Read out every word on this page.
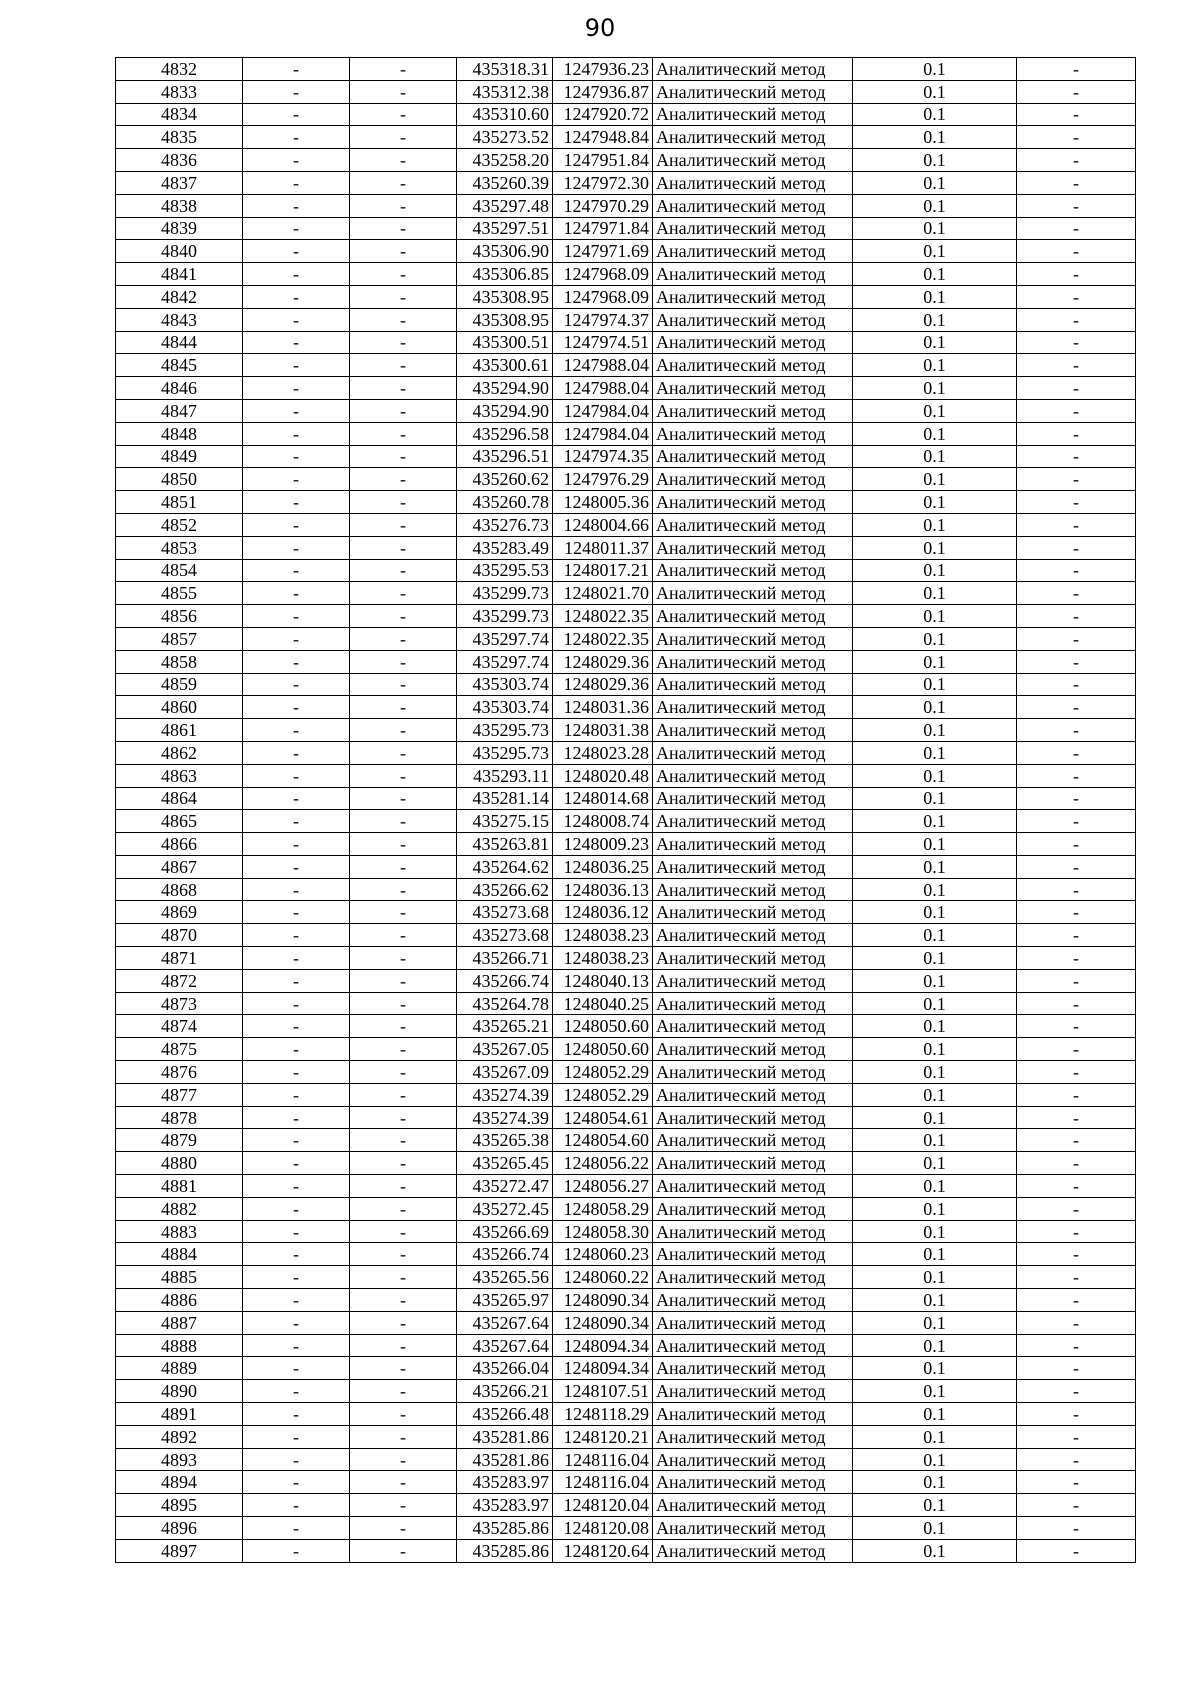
90
4832	-	-	435318.31	1247936.23	Аналитический метод	0.1	-
4833	-	-	435312.38	1247936.87	Аналитический метод	0.1	-
4834	-	-	435310.60	1247920.72	Аналитический метод	0.1	-
4835	-	-	435273.52	1247948.84	Аналитический метод	0.1	-
4836	-	-	435258.20	1247951.84	Аналитический метод	0.1	-
4837	-	-	435260.39	1247972.30	Аналитический метод	0.1	-
4838	-	-	435297.48	1247970.29	Аналитический метод	0.1	-
4839	-	-	435297.51	1247971.84	Аналитический метод	0.1	-
4840	-	-	435306.90	1247971.69	Аналитический метод	0.1	-
4841	-	-	435306.85	1247968.09	Аналитический метод	0.1	-
4842	-	-	435308.95	1247968.09	Аналитический метод	0.1	-
4843	-	-	435308.95	1247974.37	Аналитический метод	0.1	-
4844	-	-	435300.51	1247974.51	Аналитический метод	0.1	-
4845	-	-	435300.61	1247988.04	Аналитический метод	0.1	-
4846	-	-	435294.90	1247988.04	Аналитический метод	0.1	-
4847	-	-	435294.90	1247984.04	Аналитический метод	0.1	-
4848	-	-	435296.58	1247984.04	Аналитический метод	0.1	-
4849	-	-	435296.51	1247974.35	Аналитический метод	0.1	-
4850	-	-	435260.62	1247976.29	Аналитический метод	0.1	-
4851	-	-	435260.78	1248005.36	Аналитический метод	0.1	-
4852	-	-	435276.73	1248004.66	Аналитический метод	0.1	-
4853	-	-	435283.49	1248011.37	Аналитический метод	0.1	-
4854	-	-	435295.53	1248017.21	Аналитический метод	0.1	-
4855	-	-	435299.73	1248021.70	Аналитический метод	0.1	-
4856	-	-	435299.73	1248022.35	Аналитический метод	0.1	-
4857	-	-	435297.74	1248022.35	Аналитический метод	0.1	-
4858	-	-	435297.74	1248029.36	Аналитический метод	0.1	-
4859	-	-	435303.74	1248029.36	Аналитический метод	0.1	-
4860	-	-	435303.74	1248031.36	Аналитический метод	0.1	-
4861	-	-	435295.73	1248031.38	Аналитический метод	0.1	-
4862	-	-	435295.73	1248023.28	Аналитический метод	0.1	-
4863	-	-	435293.11	1248020.48	Аналитический метод	0.1	-
4864	-	-	435281.14	1248014.68	Аналитический метод	0.1	-
4865	-	-	435275.15	1248008.74	Аналитический метод	0.1	-
4866	-	-	435263.81	1248009.23	Аналитический метод	0.1	-
4867	-	-	435264.62	1248036.25	Аналитический метод	0.1	-
4868	-	-	435266.62	1248036.13	Аналитический метод	0.1	-
4869	-	-	435273.68	1248036.12	Аналитический метод	0.1	-
4870	-	-	435273.68	1248038.23	Аналитический метод	0.1	-
4871	-	-	435266.71	1248038.23	Аналитический метод	0.1	-
4872	-	-	435266.74	1248040.13	Аналитический метод	0.1	-
4873	-	-	435264.78	1248040.25	Аналитический метод	0.1	-
4874	-	-	435265.21	1248050.60	Аналитический метод	0.1	-
4875	-	-	435267.05	1248050.60	Аналитический метод	0.1	-
4876	-	-	435267.09	1248052.29	Аналитический метод	0.1	-
4877	-	-	435274.39	1248052.29	Аналитический метод	0.1	-
4878	-	-	435274.39	1248054.61	Аналитический метод	0.1	-
4879	-	-	435265.38	1248054.60	Аналитический метод	0.1	-
4880	-	-	435265.45	1248056.22	Аналитический метод	0.1	-
4881	-	-	435272.47	1248056.27	Аналитический метод	0.1	-
4882	-	-	435272.45	1248058.29	Аналитический метод	0.1	-
4883	-	-	435266.69	1248058.30	Аналитический метод	0.1	-
4884	-	-	435266.74	1248060.23	Аналитический метод	0.1	-
4885	-	-	435265.56	1248060.22	Аналитический метод	0.1	-
4886	-	-	435265.97	1248090.34	Аналитический метод	0.1	-
4887	-	-	435267.64	1248090.34	Аналитический метод	0.1	-
4888	-	-	435267.64	1248094.34	Аналитический метод	0.1	-
4889	-	-	435266.04	1248094.34	Аналитический метод	0.1	-
4890	-	-	435266.21	1248107.51	Аналитический метод	0.1	-
4891	-	-	435266.48	1248118.29	Аналитический метод	0.1	-
4892	-	-	435281.86	1248120.21	Аналитический метод	0.1	-
4893	-	-	435281.86	1248116.04	Аналитический метод	0.1	-
4894	-	-	435283.97	1248116.04	Аналитический метод	0.1	-
4895	-	-	435283.97	1248120.04	Аналитический метод	0.1	-
4896	-	-	435285.86	1248120.08	Аналитический метод	0.1	-
4897	-	-	435285.86	1248120.64	Аналитический метод	0.1	-
